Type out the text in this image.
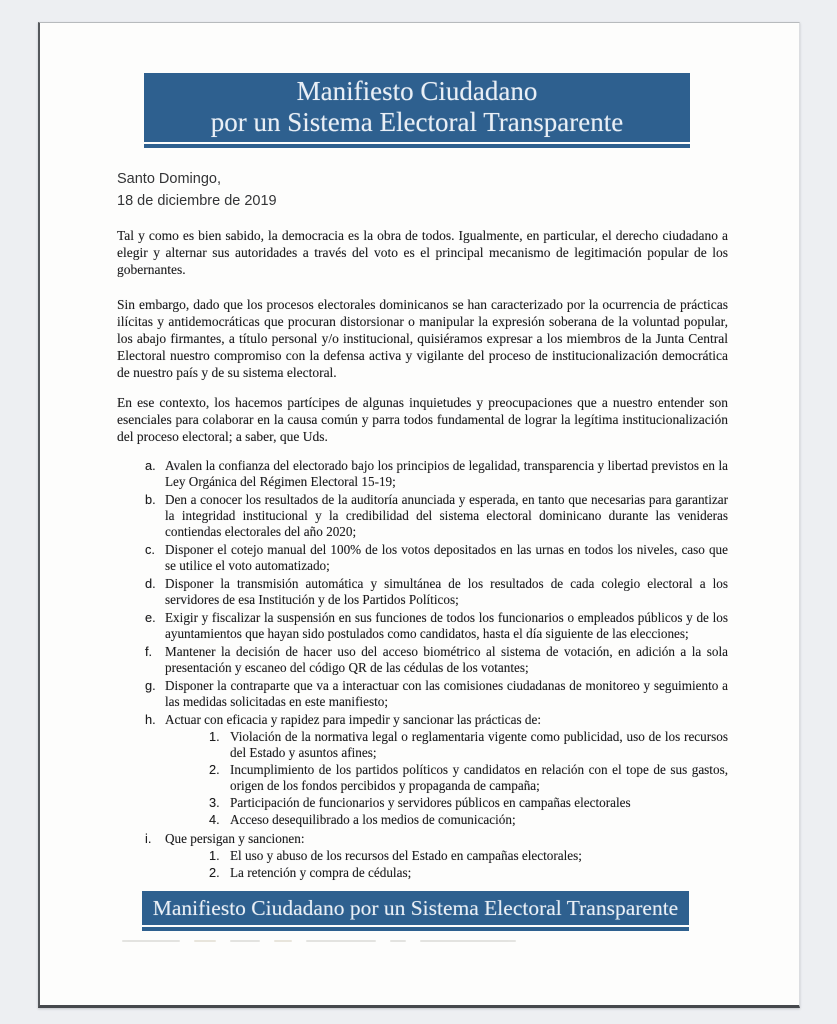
Manifiesto Ciudadano
por un Sistema Electoral Transparente
Santo Domingo,
18 de diciembre de 2019

Tal y como es bien sabido, la democracia es la obra de todos. Igualmente, en particular, el derecho ciudadano a elegir y alternar sus autoridades a través del voto es el principal mecanismo de legitimación popular de los gobernantes.

Sin embargo, dado que los procesos electorales dominicanos se han caracterizado por la ocurrencia de prácticas ilícitas y antidemocráticas que procuran distorsionar o manipular la expresión soberana de la voluntad popular, los abajo firmantes, a título personal y/o institucional, quisiéramos expresar a los miembros de la Junta Central Electoral nuestro compromiso con la defensa activa y vigilante del proceso de institucionalización democrática de nuestro país y de su sistema electoral.

En ese contexto, los hacemos partícipes de algunas inquietudes y preocupaciones que a nuestro entender son esenciales para colaborar en la causa común y parra todos fundamental de lograr la legítima institucionalización del proceso electoral; a saber, que Uds.

a. Avalen la confianza del electorado bajo los principios de legalidad, transparencia y libertad previstos en la Ley Orgánica del Régimen Electoral 15-19;
b. Den a conocer los resultados de la auditoría anunciada y esperada, en tanto que necesarias para garantizar la integridad institucional y la credibilidad del sistema electoral dominicano durante las venideras contiendas electorales del año 2020;
c. Disponer el cotejo manual del 100% de los votos depositados en las urnas en todos los niveles, caso que se utilice el voto automatizado;
d. Disponer la transmisión automática y simultánea de los resultados de cada colegio electoral a los servidores de esa Institución y de los Partidos Políticos;
e. Exigir y fiscalizar la suspensión en sus funciones de todos los funcionarios o empleados públicos y de los ayuntamientos que hayan sido postulados como candidatos, hasta el día siguiente de las elecciones;
f. Mantener la decisión de hacer uso del acceso biométrico al sistema de votación, en adición a la sola presentación y escaneo del código QR de las cédulas de los votantes;
g. Disponer la contraparte que va a interactuar con las comisiones ciudadanas de monitoreo y seguimiento a las medidas solicitadas en este manifiesto;
h. Actuar con eficacia y rapidez para impedir y sancionar las prácticas de:
1. Violación de la normativa legal o reglamentaria vigente como publicidad, uso de los recursos del Estado y asuntos afines;
2. Incumplimiento de los partidos políticos y candidatos en relación con el tope de sus gastos, origen de los fondos percibidos y propaganda de campaña;
3. Participación de funcionarios y servidores públicos en campañas electorales
4. Acceso desequilibrado a los medios de comunicación;
i.	Que persigan y sancionen:
1. El uso y abuso de los recursos del Estado en campañas electorales;
2. La retención y compra de cédulas;
Manifiesto Ciudadano por un Sistema Electoral Transparente
